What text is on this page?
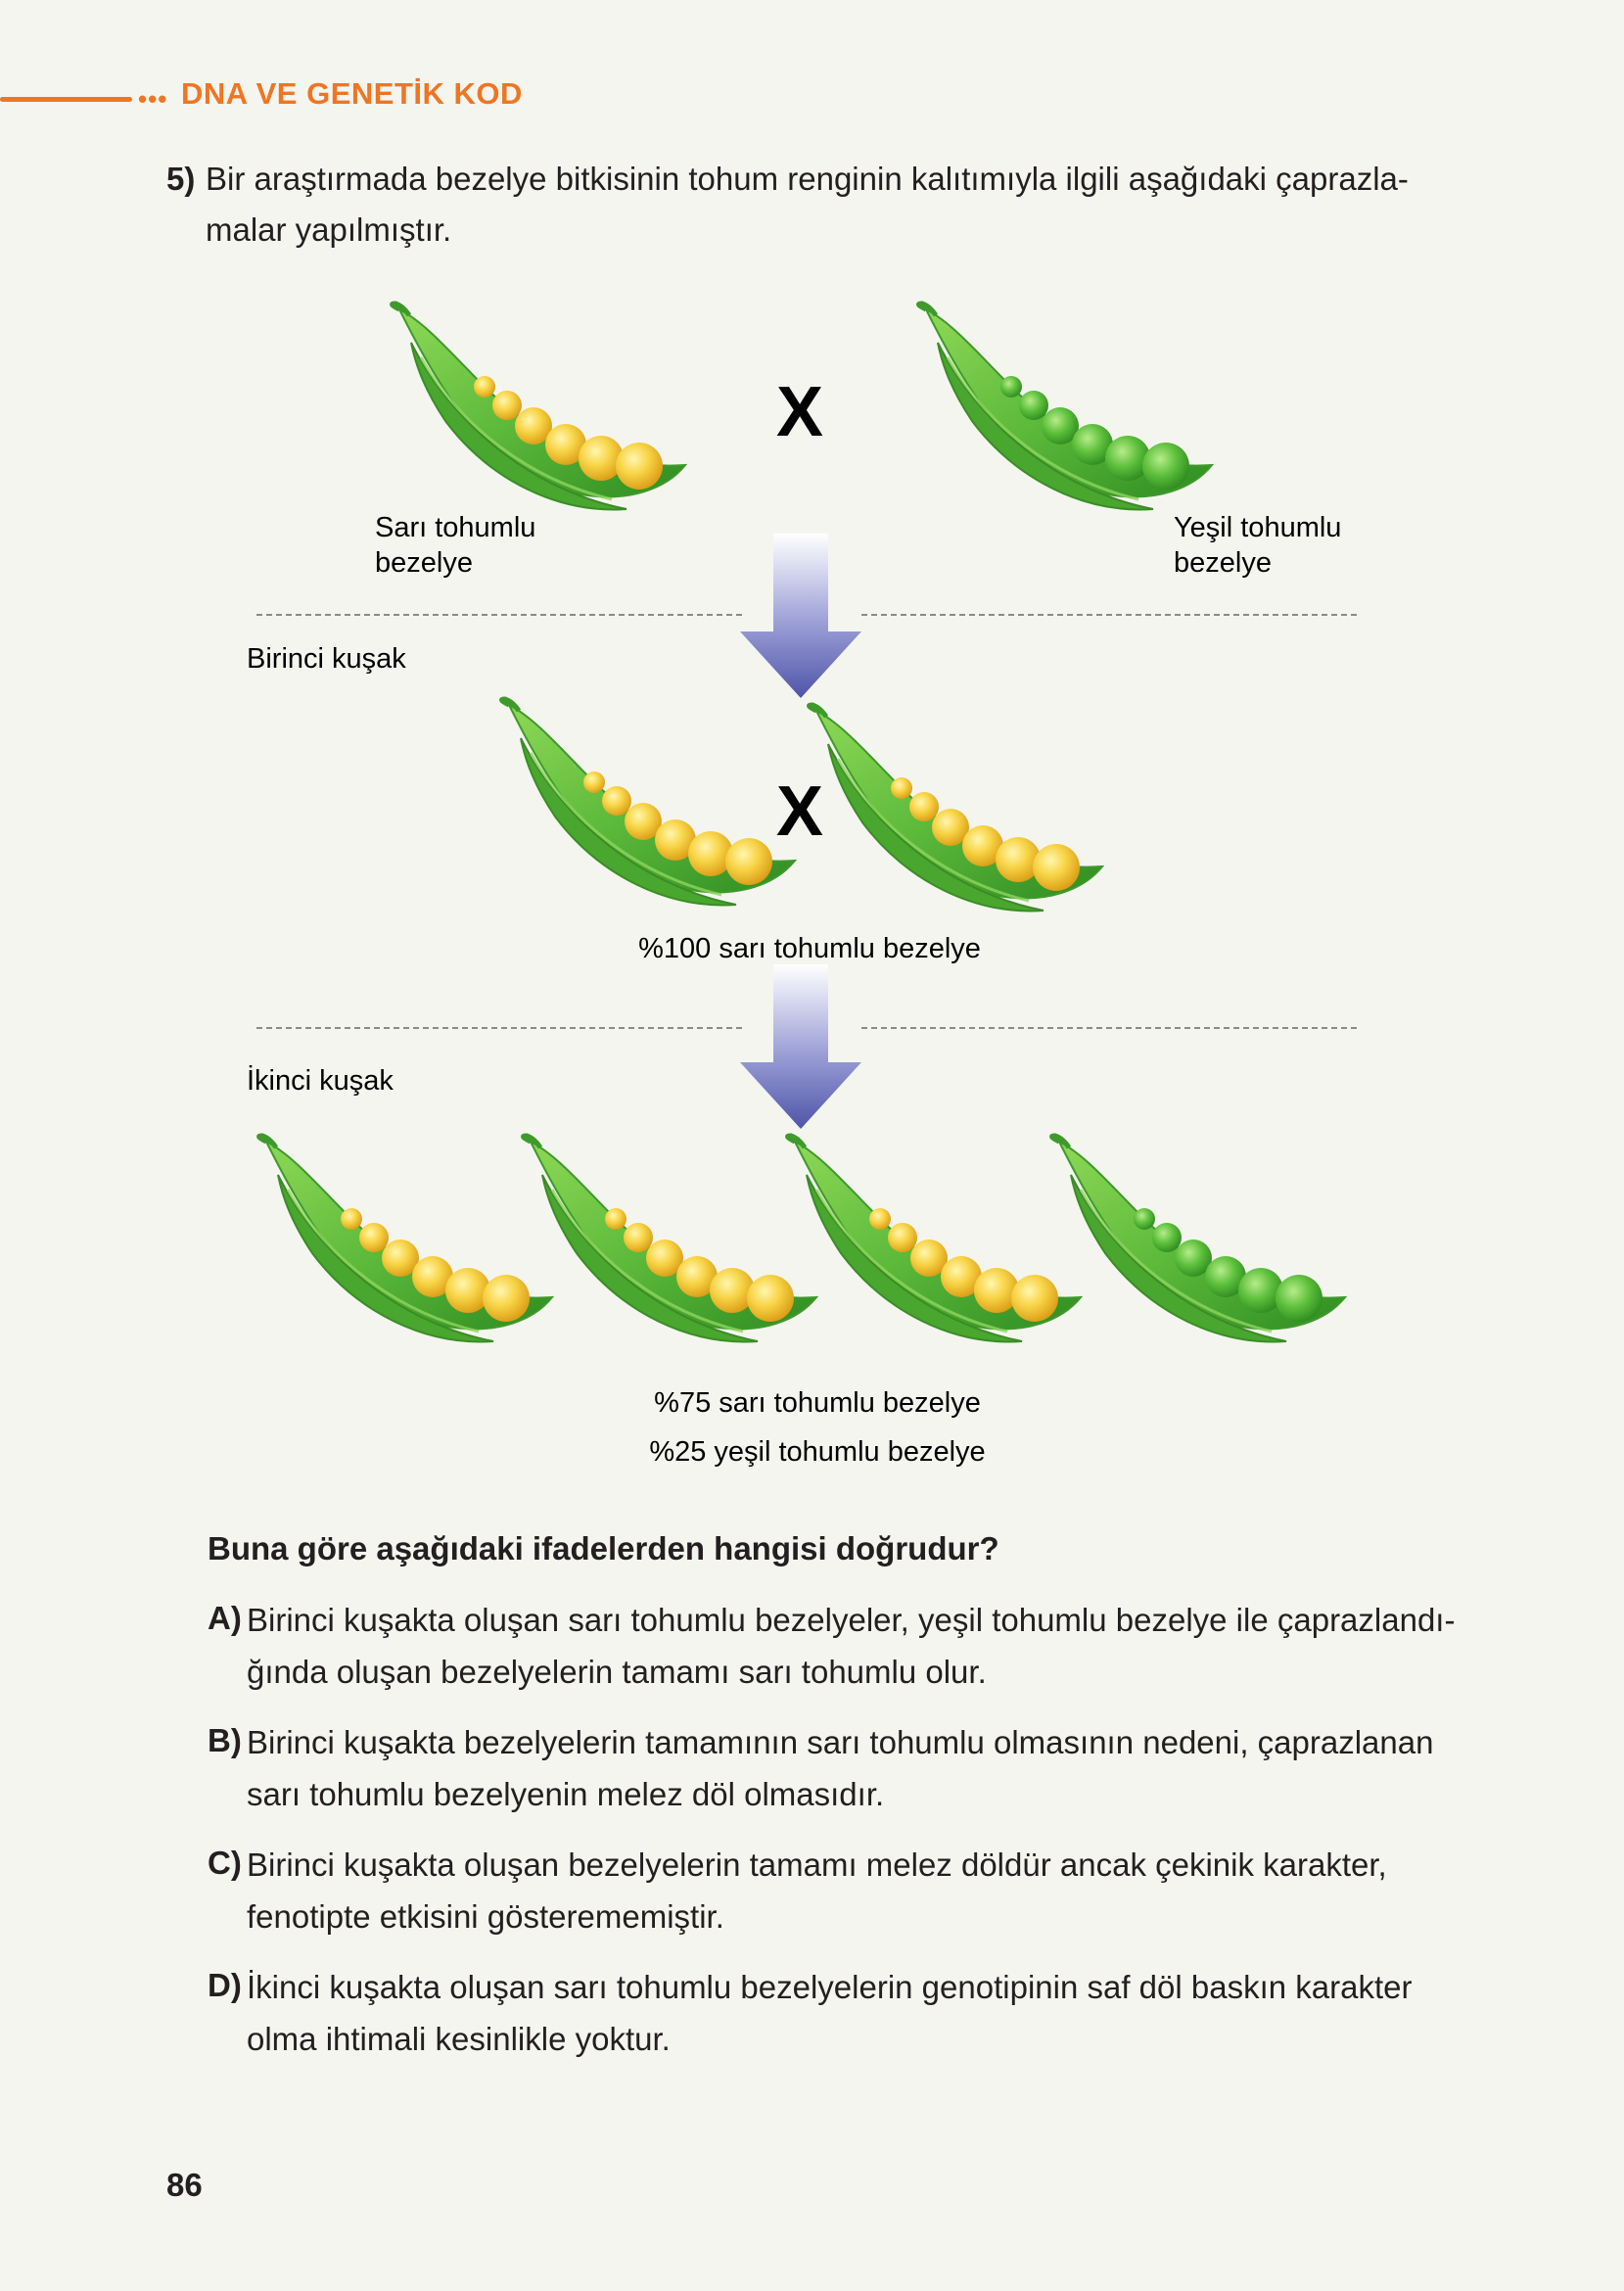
••• DNA VE GENETİK KOD
5) Bir araştırmada bezelye bitkisinin tohum renginin kalıtımıyla ilgili aşağıdaki çaprazla-
malar yapılmıştır.
X
Sarı tohumlu
bezelye
Yeşil tohumlu
bezelye
Birinci kuşak
X
%100 sarı tohumlu bezelye
İkinci kuşak
%75 sarı tohumlu bezelye
%25 yeşil tohumlu bezelye
Buna göre aşağıdaki ifadelerden hangisi doğrudur?
A) Birinci kuşakta oluşan sarı tohumlu bezelyeler, yeşil tohumlu bezelye ile çaprazlandı-
ğında oluşan bezelyelerin tamamı sarı tohumlu olur.
B) Birinci kuşakta bezelyelerin tamamının sarı tohumlu olmasının nedeni, çaprazlanan
sarı tohumlu bezelyenin melez döl olmasıdır.
C) Birinci kuşakta oluşan bezelyelerin tamamı melez döldür ancak çekinik karakter,
fenotipte etkisini gösterememiştir.
D) İkinci kuşakta oluşan sarı tohumlu bezelyelerin genotipinin saf döl baskın karakter
olma ihtimali kesinlikle yoktur.
86
